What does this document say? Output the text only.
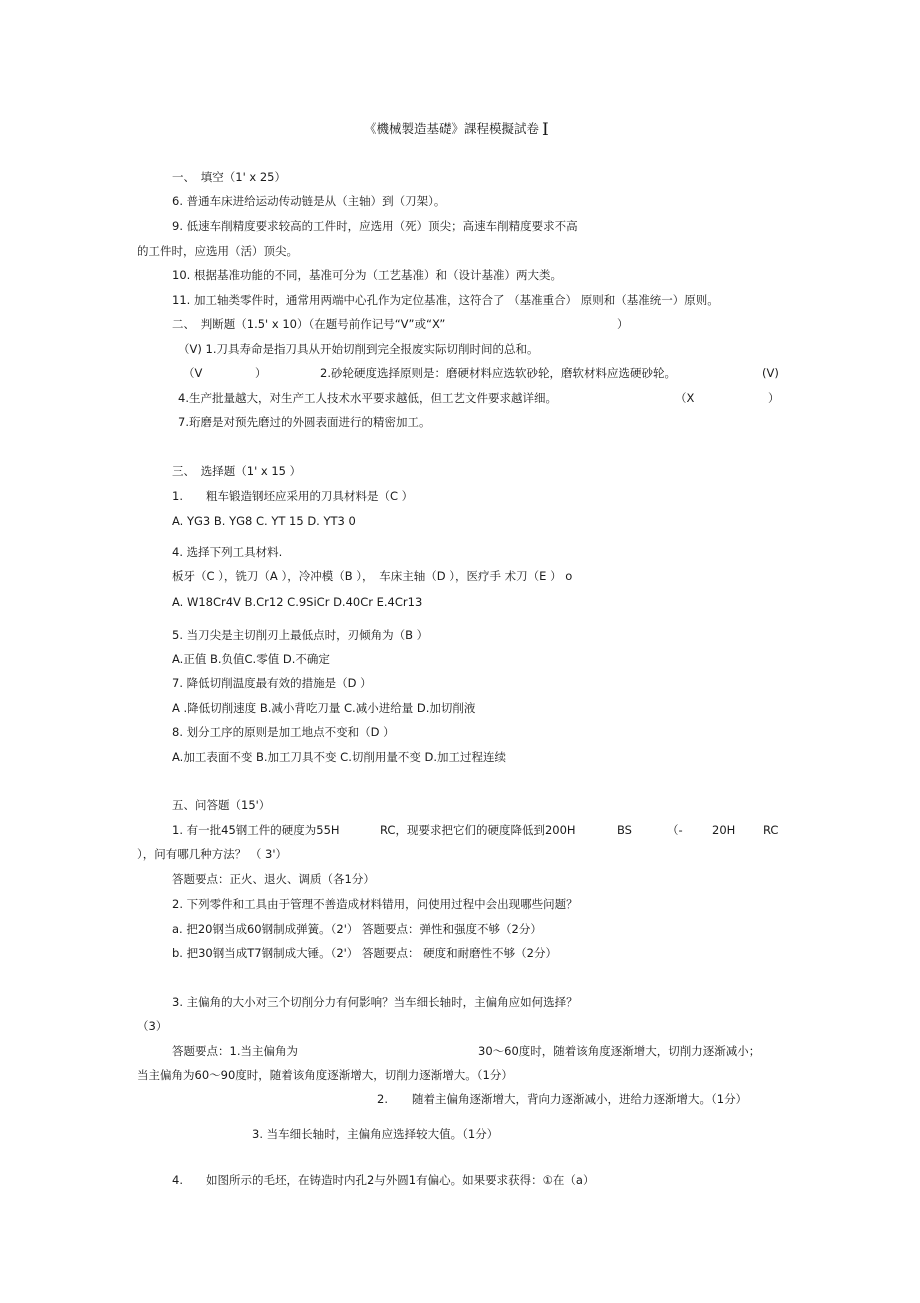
《機械製造基礎》課程模擬試卷 I

一、　填空（1' x 25）

6. 普通车床进给运动传动链是从（主轴）到（刀架）。

9. 低速车削精度要求较高的工件时，应选用（死）顶尖；高速车削精度要求不高

的工件时，应选用（活）顶尖。

10. 根据基准功能的不同，基准可分为（工艺基准）和（设计基准）两大类。

11. 加工轴类零件时，通常用两端中心孔作为定位基准，这符合了 （基准重合） 原则和（基准统一）原则。

二、　判断题（1.5' x 10）（在题号前作记号“V”或“X”	）

（V) 1.刀具寿命是指刀具从开始切削到完全报废实际切削时间的总和。

（V	）	2.砂轮硬度选择原则是：磨硬材料应选软砂轮，磨软材料应选硬砂轮。	(V)
4.生产批量越大，对生产工人技术水平要求越低，但工艺文件要求越详细。	（X	）

7.珩磨是对预先磨过的外圆表面进行的精密加工。

三、　选择题（1' x 15 ）

1.　　粗车锻造钢坯应采用的刀具材料是（C ）

A. YG3 B. YG8 C. YT 15 D. YT3 0

4. 选择下列工具材料.

板牙（C ），铣刀（A ），冷冲模（B ），　车床主轴（D ），医疗手 术刀（E ） o

A. W18Cr4V B.Cr12 C.9SiCr D.40Cr E.4Cr13

5. 当刀尖是主切削刃上最低点时，刃倾角为（B ）

A.正值 B.负值C.零值 D.不确定

7. 降低切削温度最有效的措施是（D ）

A .降低切削速度 B.减小背吃刀量 C.减小进给量 D.加切削液

8. 划分工序的原则是加工地点不变和（D ）

A.加工表面不变 B.加工刀具不变 C.切削用量不变 D.加工过程连续

五、问答题（15'）

1. 有一批45钢工件的硬度为55H	RC，现要求把它们的硬度降低到200H	BS	（-	20H RC

），问有哪几种方法？ （ 3'）

答题要点：正火、退火、调质（各1分）

2. 下列零件和工具由于管理不善造成材料错用，问使用过程中会出现哪些问题？

a. 把20钢当成60钢制成弹簧。（2'） 答题要点：弹性和强度不够（2分）

b. 把30钢当成T7钢制成大锤。（2'） 答题要点： 硬度和耐磨性不够（2分）

3. 主偏角的大小对三个切削分力有何影响？当车细长轴时，主偏角应如何选择？

（3）

答题要点：1.当主偏角为	30～60度时，随着该角度逐渐增大，切削力逐渐减小；

当主偏角为60～90度时，随着该角度逐渐增大，切削力逐渐增大。（1分）

2. 随着主偏角逐渐增大，背向力逐渐减小，进给力逐渐增大。（1分）

3. 当车细长轴时，主偏角应选择较大值。（1分）

4.　　如图所示的毛坯，在铸造时内孔2与外圆1有偏心。如果要求获得：①在（a）
